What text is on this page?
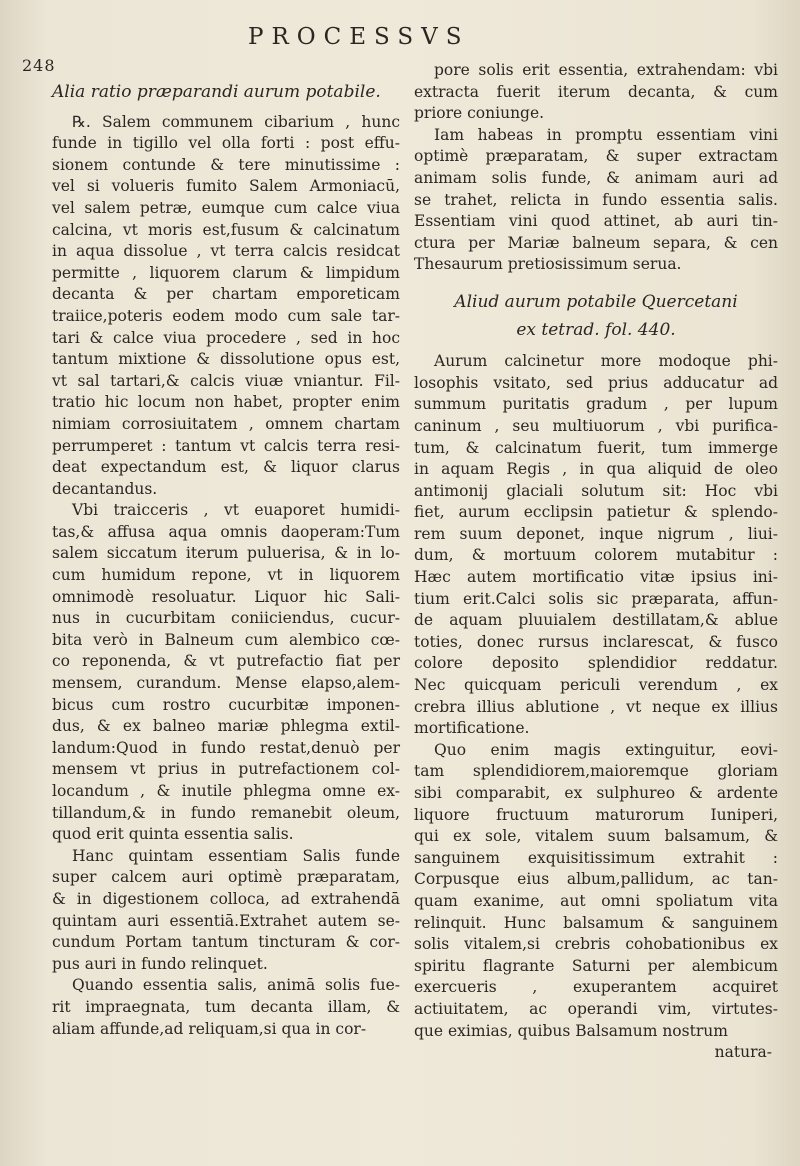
248
PROCESSVS
Alia ratio præparandi aurum potabile.
℞. Salem communem cibarium , hunc
funde in tigillo vel olla forti : post effu-
sionem contunde & tere minutissime :
vel si volueris fumito Salem Armoniacū,
vel salem petræ, eumque cum calce viua
calcina, vt moris est,fusum & calcinatum
in aqua dissolue , vt terra calcis residcat
permitte , liquorem clarum & limpidum
decanta & per chartam emporeticam
traiice,poteris eodem modo cum sale tar-
tari & calce viua procedere , sed in hoc
tantum mixtione & dissolutione opus est,
vt sal tartari,& calcis viuæ vniantur. Fil-
tratio hic locum non habet, propter enim
nimiam corrosiuitatem , omnem chartam
perrumperet : tantum vt calcis terra resi-
deat expectandum est, & liquor clarus
decantandus.
Vbi traicceris , vt euaporet humidi-
tas,& affusa aqua omnis daoperam:Tum
salem siccatum iterum puluerisa, & in lo-
cum humidum repone, vt in liquorem
omnimodè resoluatur. Liquor hic Sali-
nus in cucurbitam coniiciendus, cucur-
bita verò in Balneum cum alembico cœ-
co reponenda, & vt putrefactio fiat per
mensem, curandum. Mense elapso,alem-
bicus cum rostro cucurbitæ imponen-
dus, & ex balneo mariæ phlegma extil-
landum:Quod in fundo restat,denuò per
mensem vt prius in putrefactionem col-
locandum , & inutile phlegma omne ex-
tillandum,& in fundo remanebit oleum,
quod erit quinta essentia salis.
Hanc quintam essentiam Salis funde
super calcem auri optimè præparatam,
& in digestionem colloca, ad extrahendā
quintam auri essentiā.Extrahet autem se-
cundum Portam tantum tincturam & cor-
pus auri in fundo relinquet.
Quando essentia salis, animā solis fue-
rit impraegnata, tum decanta illam, &
aliam affunde,ad reliquam,si qua in cor-
pore solis erit essentia, extrahendam: vbi
extracta fuerit iterum decanta, & cum
priore coniunge.
Iam habeas in promptu essentiam vini
optimè præparatam, & super extractam
animam solis funde, & animam auri ad
se trahet, relicta in fundo essentia salis.
Essentiam vini quod attinet, ab auri tin-
ctura per Mariæ balneum separa, & cen
Thesaurum pretiosissimum serua.
Aliud aurum potabile Quercetani
ex tetrad. fol. 440.
Aurum calcinetur more modoque phi-
losophis vsitato, sed prius adducatur ad
summum puritatis gradum , per lupum
caninum , seu multiuorum , vbi purifica-
tum, & calcinatum fuerit, tum immerge
in aquam Regis , in qua aliquid de oleo
antimonij glaciali solutum sit: Hoc vbi
fiet, aurum ecclipsin patietur & splendo-
rem suum deponet, inque nigrum , liui-
dum, & mortuum colorem mutabitur :
Hæc autem mortificatio vitæ ipsius ini-
tium erit.Calci solis sic præparata, affun-
de aquam pluuialem destillatam,& ablue
toties, donec rursus inclarescat, & fusco
colore deposito splendidior reddatur.
Nec quicquam periculi verendum , ex
crebra illius ablutione , vt neque ex illius
mortificatione.
Quo enim magis extinguitur, eovi-
tam splendidiorem,maioremque gloriam
sibi comparabit, ex sulphureo & ardente
liquore fructuum maturorum Iuniperi,
qui ex sole, vitalem suum balsamum, &
sanguinem exquisitissimum extrahit :
Corpusque eius album,pallidum, ac tan-
quam exanime, aut omni spoliatum vita
relinquit. Hunc balsamum & sanguinem
solis vitalem,si crebris cohobationibus ex
spiritu flagrante Saturni per alembicum
exercueris , exuperantem acquiret
actiuitatem, ac operandi vim, virtutes-
que eximias, quibus Balsamum nostrum
natura-
